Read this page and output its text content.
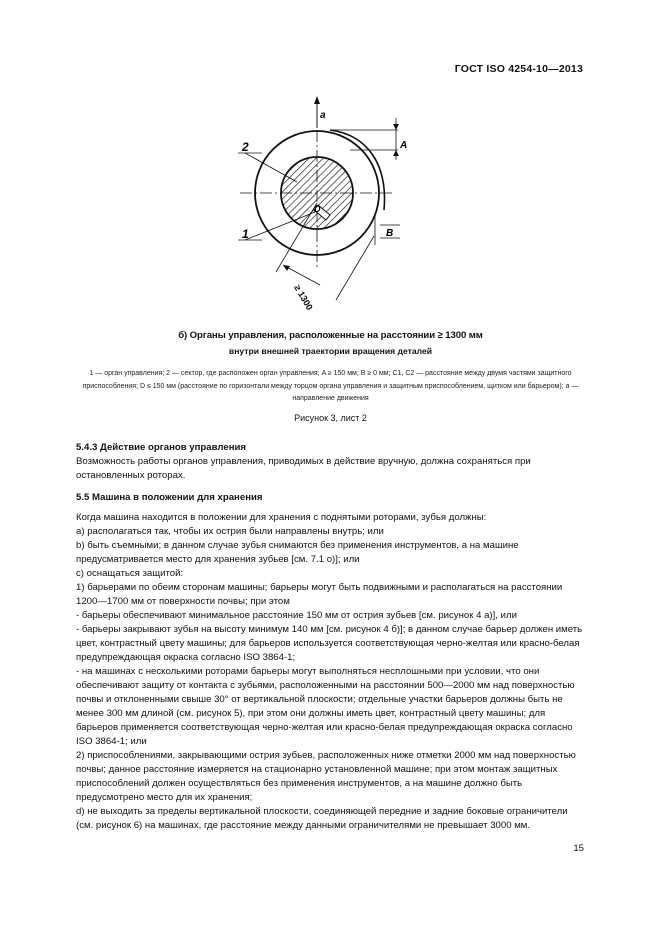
ГОСТ ISO 4254-10—2013
a
2
1
A
B
D
≥ 1300
б) Органы управления, расположенные на расстоянии ≥ 1300 мм
внутри внешней траектории вращения деталей
1 — орган управления; 2 — сектор, где расположен орган управления; A ≥ 150 мм; B ≥ 0 мм; C1, C2 — расстояние между двумя частями защитного приспособления; D ≤ 150 мм (расстояние по горизонтали между торцом органа управления и защитным приспособлением, щитком или барьером); a — направление движения
Рисунок 3, лист 2

5.4.3 Действие органов управления

Возможность работы органов управления, приводимых в действие вручную, должна сохраняться при остановленных роторах.

5.5 Машина в положении для хранения

Когда машина находится в положении для хранения с поднятыми роторами, зубья должны:

а) располагаться так, чтобы их острия были направлены внутрь; или

b) быть съемными; в данном случае зубья снимаются без применения инструментов, а на машине предусматривается место для хранения зубьев [см. 7.1 о)]; или

c) оснащаться защитой:

1) барьерами по обеим сторонам машины; барьеры могут быть подвижными и располагаться на расстоянии 1200—1700 мм от поверхности почвы; при этом

- барьеры обеспечивают минимальное расстояние 150 мм от острия зубьев [см. рисунок 4 a)], или

- барьеры закрывают зубья на высоту минимум 140 мм [см. рисунок 4 б)]; в данном случае барьер должен иметь цвет, контрастный цвету машины; для барьеров используется соответствующая черно-желтая или красно-белая предупреждающая окраска согласно ISO 3864-1;

- на машинах с несколькими роторами барьеры могут выполняться несплошными при условии, что они обеспечивают защиту от контакта с зубьями, расположенными на расстоянии 500—2000 мм над поверхностью почвы и отклоненными свыше 30° от вертикальной плоскости; отдельные участки барьеров должны быть не менее 300 мм длиной (см. рисунок 5), при этом они должны иметь цвет, контрастный цвету машины; для барьеров применяется соответствующая черно-желтая или красно-белая предупреждающая окраска согласно ISO 3864-1; или

2) приспособлениями, закрывающими острия зубьев, расположенных ниже отметки 2000 мм над поверхностью почвы; данное расстояние измеряется на стационарно установленной машине; при этом монтаж защитных приспособлений должен осуществляться без применения инструментов, а на машине должно быть предусмотрено место для их хранения;

d) не выходить за пределы вертикальной плоскости, соединяющей передние и задние боковые ограничители (см. рисунок 6) на машинах, где расстояние между данными ограничителями не превышает 3000 мм.

15
